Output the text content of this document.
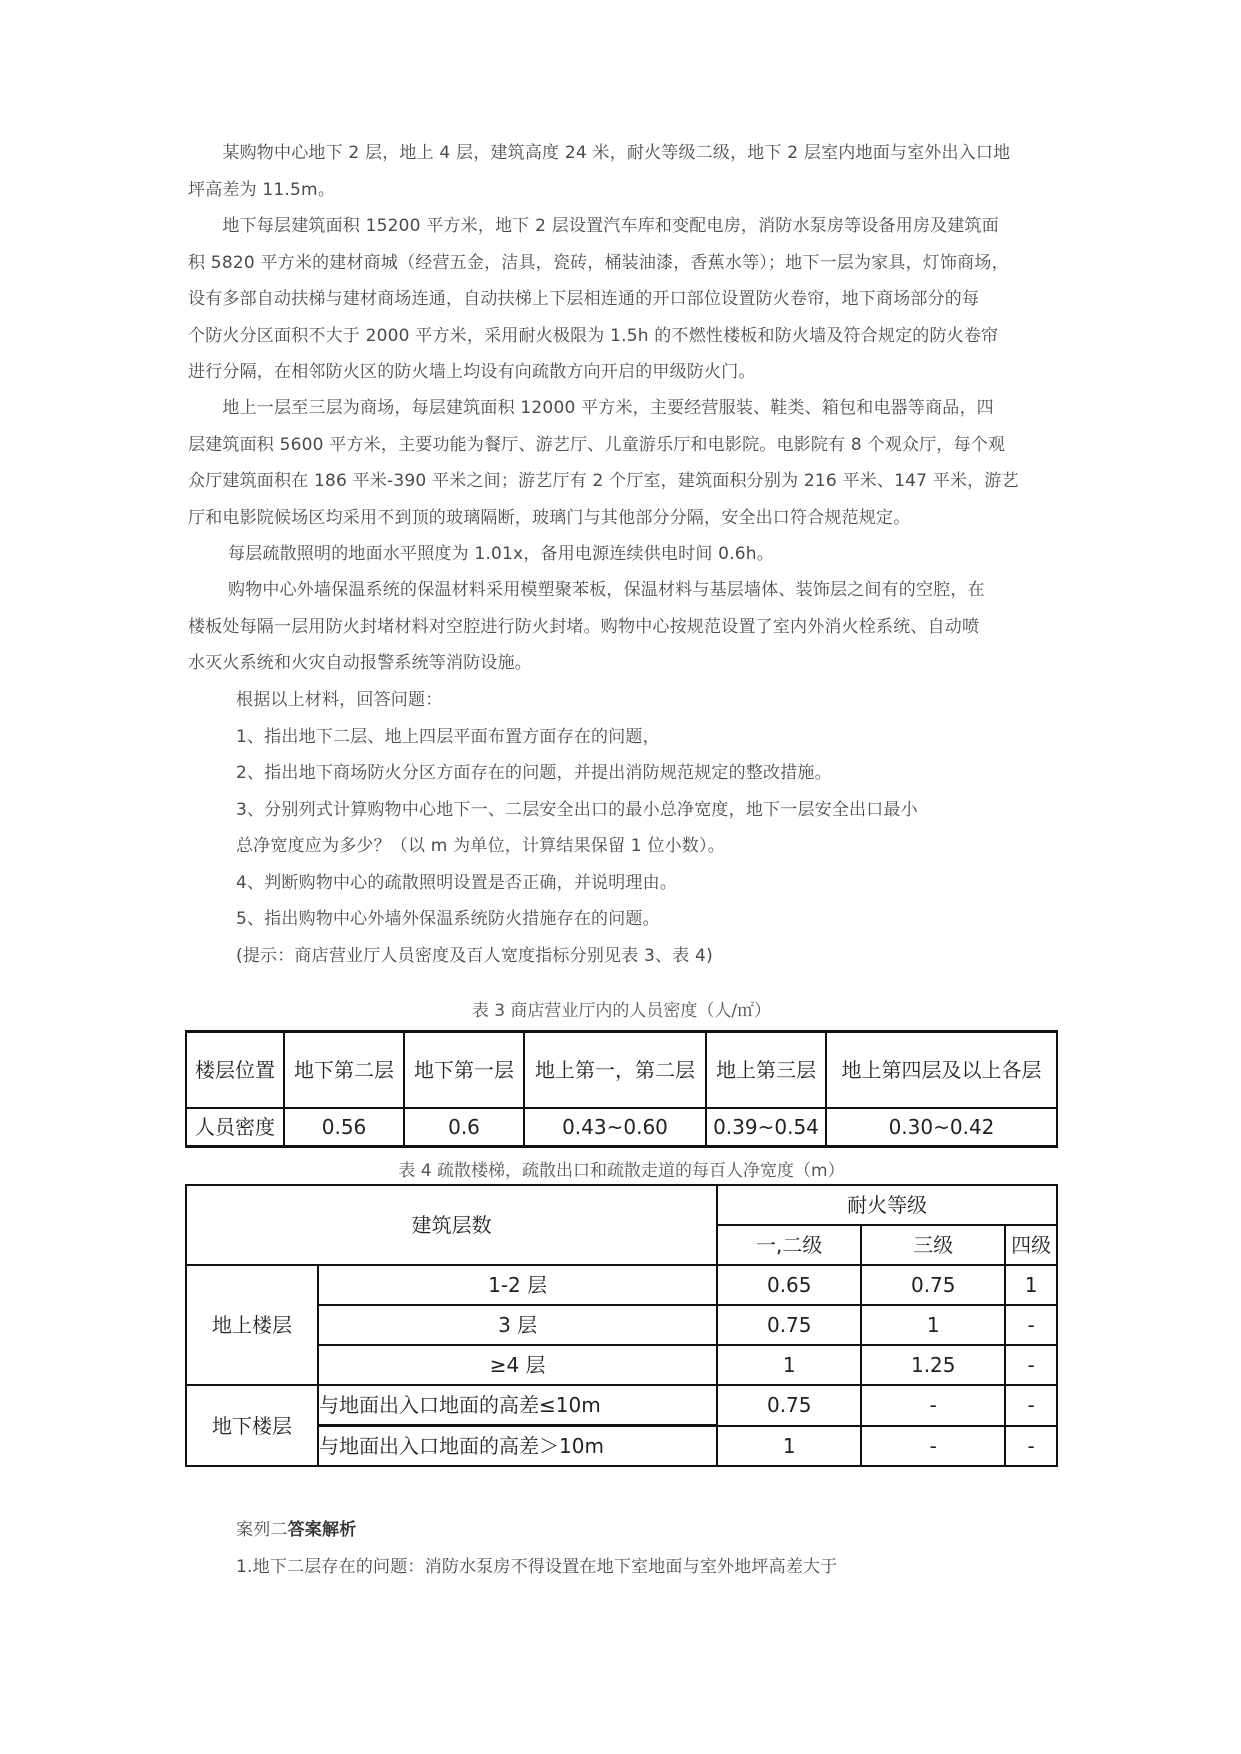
　　某购物中心地下 2 层，地上 4 层，建筑高度 24 米，耐火等级二级，地下 2 层室内地面与室外出入口地
坪高差为 11.5m。
　　地下每层建筑面积 15200 平方米，地下 2 层设置汽车库和变配电房，消防水泵房等设备用房及建筑面
积 5820 平方米的建材商城（经营五金，洁具，瓷砖，桶装油漆，香蕉水等）；地下一层为家具，灯饰商场，
设有多部自动扶梯与建材商场连通，自动扶梯上下层相连通的开口部位设置防火卷帘，地下商场部分的每
个防火分区面积不大于 2000 平方米，采用耐火极限为 1.5h 的不燃性楼板和防火墙及符合规定的防火卷帘
进行分隔，在相邻防火区的防火墙上均设有向疏散方向开启的甲级防火门。
　　地上一层至三层为商场，每层建筑面积 12000 平方米，主要经营服装、鞋类、箱包和电器等商品，四
层建筑面积 5600 平方米，主要功能为餐厅、游艺厅、儿童游乐厅和电影院。电影院有 8 个观众厅，每个观
众厅建筑面积在 186 平米-390 平米之间；游艺厅有 2 个厅室，建筑面积分别为 216 平米、147 平米，游艺
厅和电影院候场区均采用不到顶的玻璃隔断，玻璃门与其他部分分隔，安全出口符合规范规定。
　　 每层疏散照明的地面水平照度为 1.01x，备用电源连续供电时间 0.6h。
　　 购物中心外墙保温系统的保温材料采用模塑聚苯板，保温材料与基层墙体、装饰层之间有的空腔，在
楼板处每隔一层用防火封堵材料对空腔进行防火封堵。购物中心按规范设置了室内外消火栓系统、自动喷
水灭火系统和火灾自动报警系统等消防设施。
根据以上材料，回答问题：
1、指出地下二层、地上四层平面布置方面存在的问题，
2、指出地下商场防火分区方面存在的问题，并提出消防规范规定的整改措施。
3、分别列式计算购物中心地下一、二层安全出口的最小总净宽度，地下一层安全出口最小
总净宽度应为多少？（以 m 为单位，计算结果保留 1 位小数）。
4、判断购物中心的疏散照明设置是否正确，并说明理由。
5、指出购物中心外墙外保温系统防火措施存在的问题。
(提示：商店营业厅人员密度及百人宽度指标分别见表 3、表 4)
表 3 商店营业厅内的人员密度（人/㎡）
楼层位置	地下第二层	地下第一层	地上第一，第二层	地上第三层	地上第四层及以上各层
人员密度	0.56	0.6	0.43~0.60	0.39~0.54	0.30~0.42
表 4 疏散楼梯，疏散出口和疏散走道的每百人净宽度（m）
建筑层数		耐火等级		
		一,二级	三级	四级
地上楼层	1-2 层	0.65	0.75	1
	3 层	0.75	1	-
	≥4 层	1	1.25	-
地下楼层	与地面出入口地面的高差≤10m	0.75	-	-
	与地面出入口地面的高差＞10m	1	-	-
案列二答案解析
1.地下二层存在的问题：消防水泵房不得设置在地下室地面与室外地坪高差大于
